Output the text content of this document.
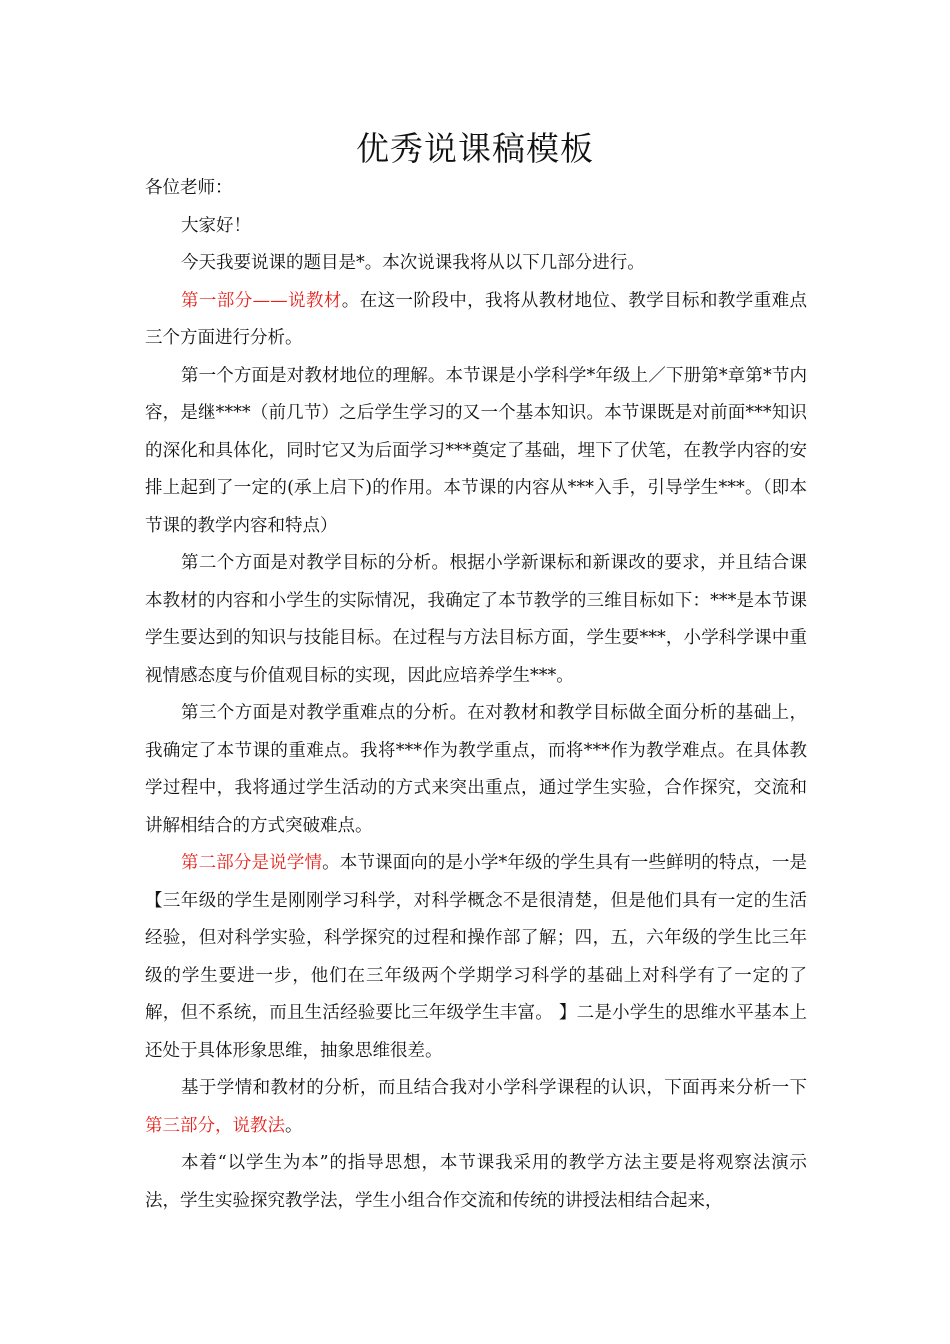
优秀说课稿模板

各位老师：

大家好！

今天我要说课的题目是*。本次说课我将从以下几部分进行。

第一部分——说教材。在这一阶段中，我将从教材地位、教学目标和教学重难点三个方面进行分析。

第一个方面是对教材地位的理解。本节课是小学科学*年级上／下册第*章第*节内容，是继****（前几节）之后学生学习的又一个基本知识。本节课既是对前面***知识的深化和具体化，同时它又为后面学习***奠定了基础，埋下了伏笔，在教学内容的安排上起到了一定的(承上启下)的作用。本节课的内容从***入手，引导学生***。（即本节课的教学内容和特点）

第二个方面是对教学目标的分析。根据小学新课标和新课改的要求，并且结合课本教材的内容和小学生的实际情况，我确定了本节教学的三维目标如下：***是本节课学生要达到的知识与技能目标。在过程与方法目标方面，学生要***，小学科学课中重视情感态度与价值观目标的实现，因此应培养学生***。

第三个方面是对教学重难点的分析。在对教材和教学目标做全面分析的基础上，我确定了本节课的重难点。我将***作为教学重点，而将***作为教学难点。在具体教学过程中，我将通过学生活动的方式来突出重点，通过学生实验，合作探究，交流和讲解相结合的方式突破难点。

第二部分是说学情。本节课面向的是小学*年级的学生具有一些鲜明的特点，一是【三年级的学生是刚刚学习科学，对科学概念不是很清楚，但是他们具有一定的生活经验，但对科学实验，科学探究的过程和操作部了解；四，五，六年级的学生比三年级的学生要进一步，他们在三年级两个学期学习科学的基础上对科学有了一定的了解，但不系统，而且生活经验要比三年级学生丰富。 】二是小学生的思维水平基本上还处于具体形象思维，抽象思维很差。

基于学情和教材的分析，而且结合我对小学科学课程的认识，下面再来分析一下第三部分，说教法。

本着“以学生为本”的指导思想，本节课我采用的教学方法主要是将观察法演示法，学生实验探究教学法，学生小组合作交流和传统的讲授法相结合起来，
